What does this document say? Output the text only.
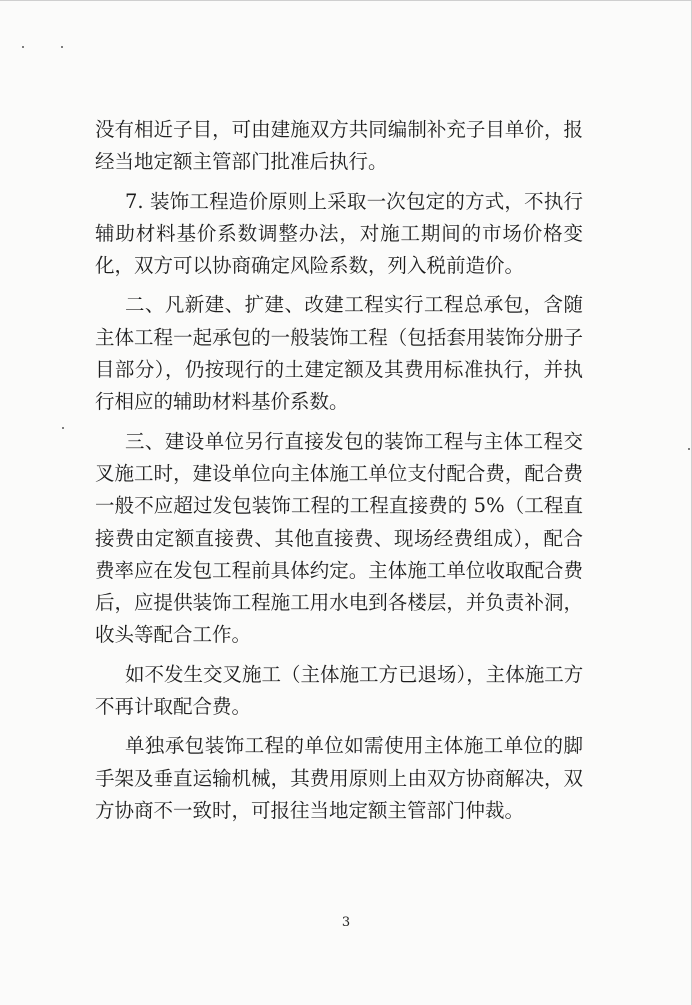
没有相近子目，可由建施双方共同编制补充子目单价，报
经当地定额主管部门批准后执行。
7. 装饰工程造价原则上采取一次包定的方式，不执行
辅助材料基价系数调整办法，对施工期间的市场价格变
化，双方可以协商确定风险系数，列入税前造价。
二、凡新建、扩建、改建工程实行工程总承包，含随
主体工程一起承包的一般装饰工程（包括套用装饰分册子
目部分），仍按现行的土建定额及其费用标准执行，并执
行相应的辅助材料基价系数。
三、建设单位另行直接发包的装饰工程与主体工程交
叉施工时，建设单位向主体施工单位支付配合费，配合费
一般不应超过发包装饰工程的工程直接费的 5%（工程直
接费由定额直接费、其他直接费、现场经费组成），配合
费率应在发包工程前具体约定。主体施工单位收取配合费
后，应提供装饰工程施工用水电到各楼层，并负责补洞，
收头等配合工作。
如不发生交叉施工（主体施工方已退场），主体施工方
不再计取配合费。
单独承包装饰工程的单位如需使用主体施工单位的脚
手架及垂直运输机械，其费用原则上由双方协商解决，双
方协商不一致时，可报往当地定额主管部门仲裁。
3
